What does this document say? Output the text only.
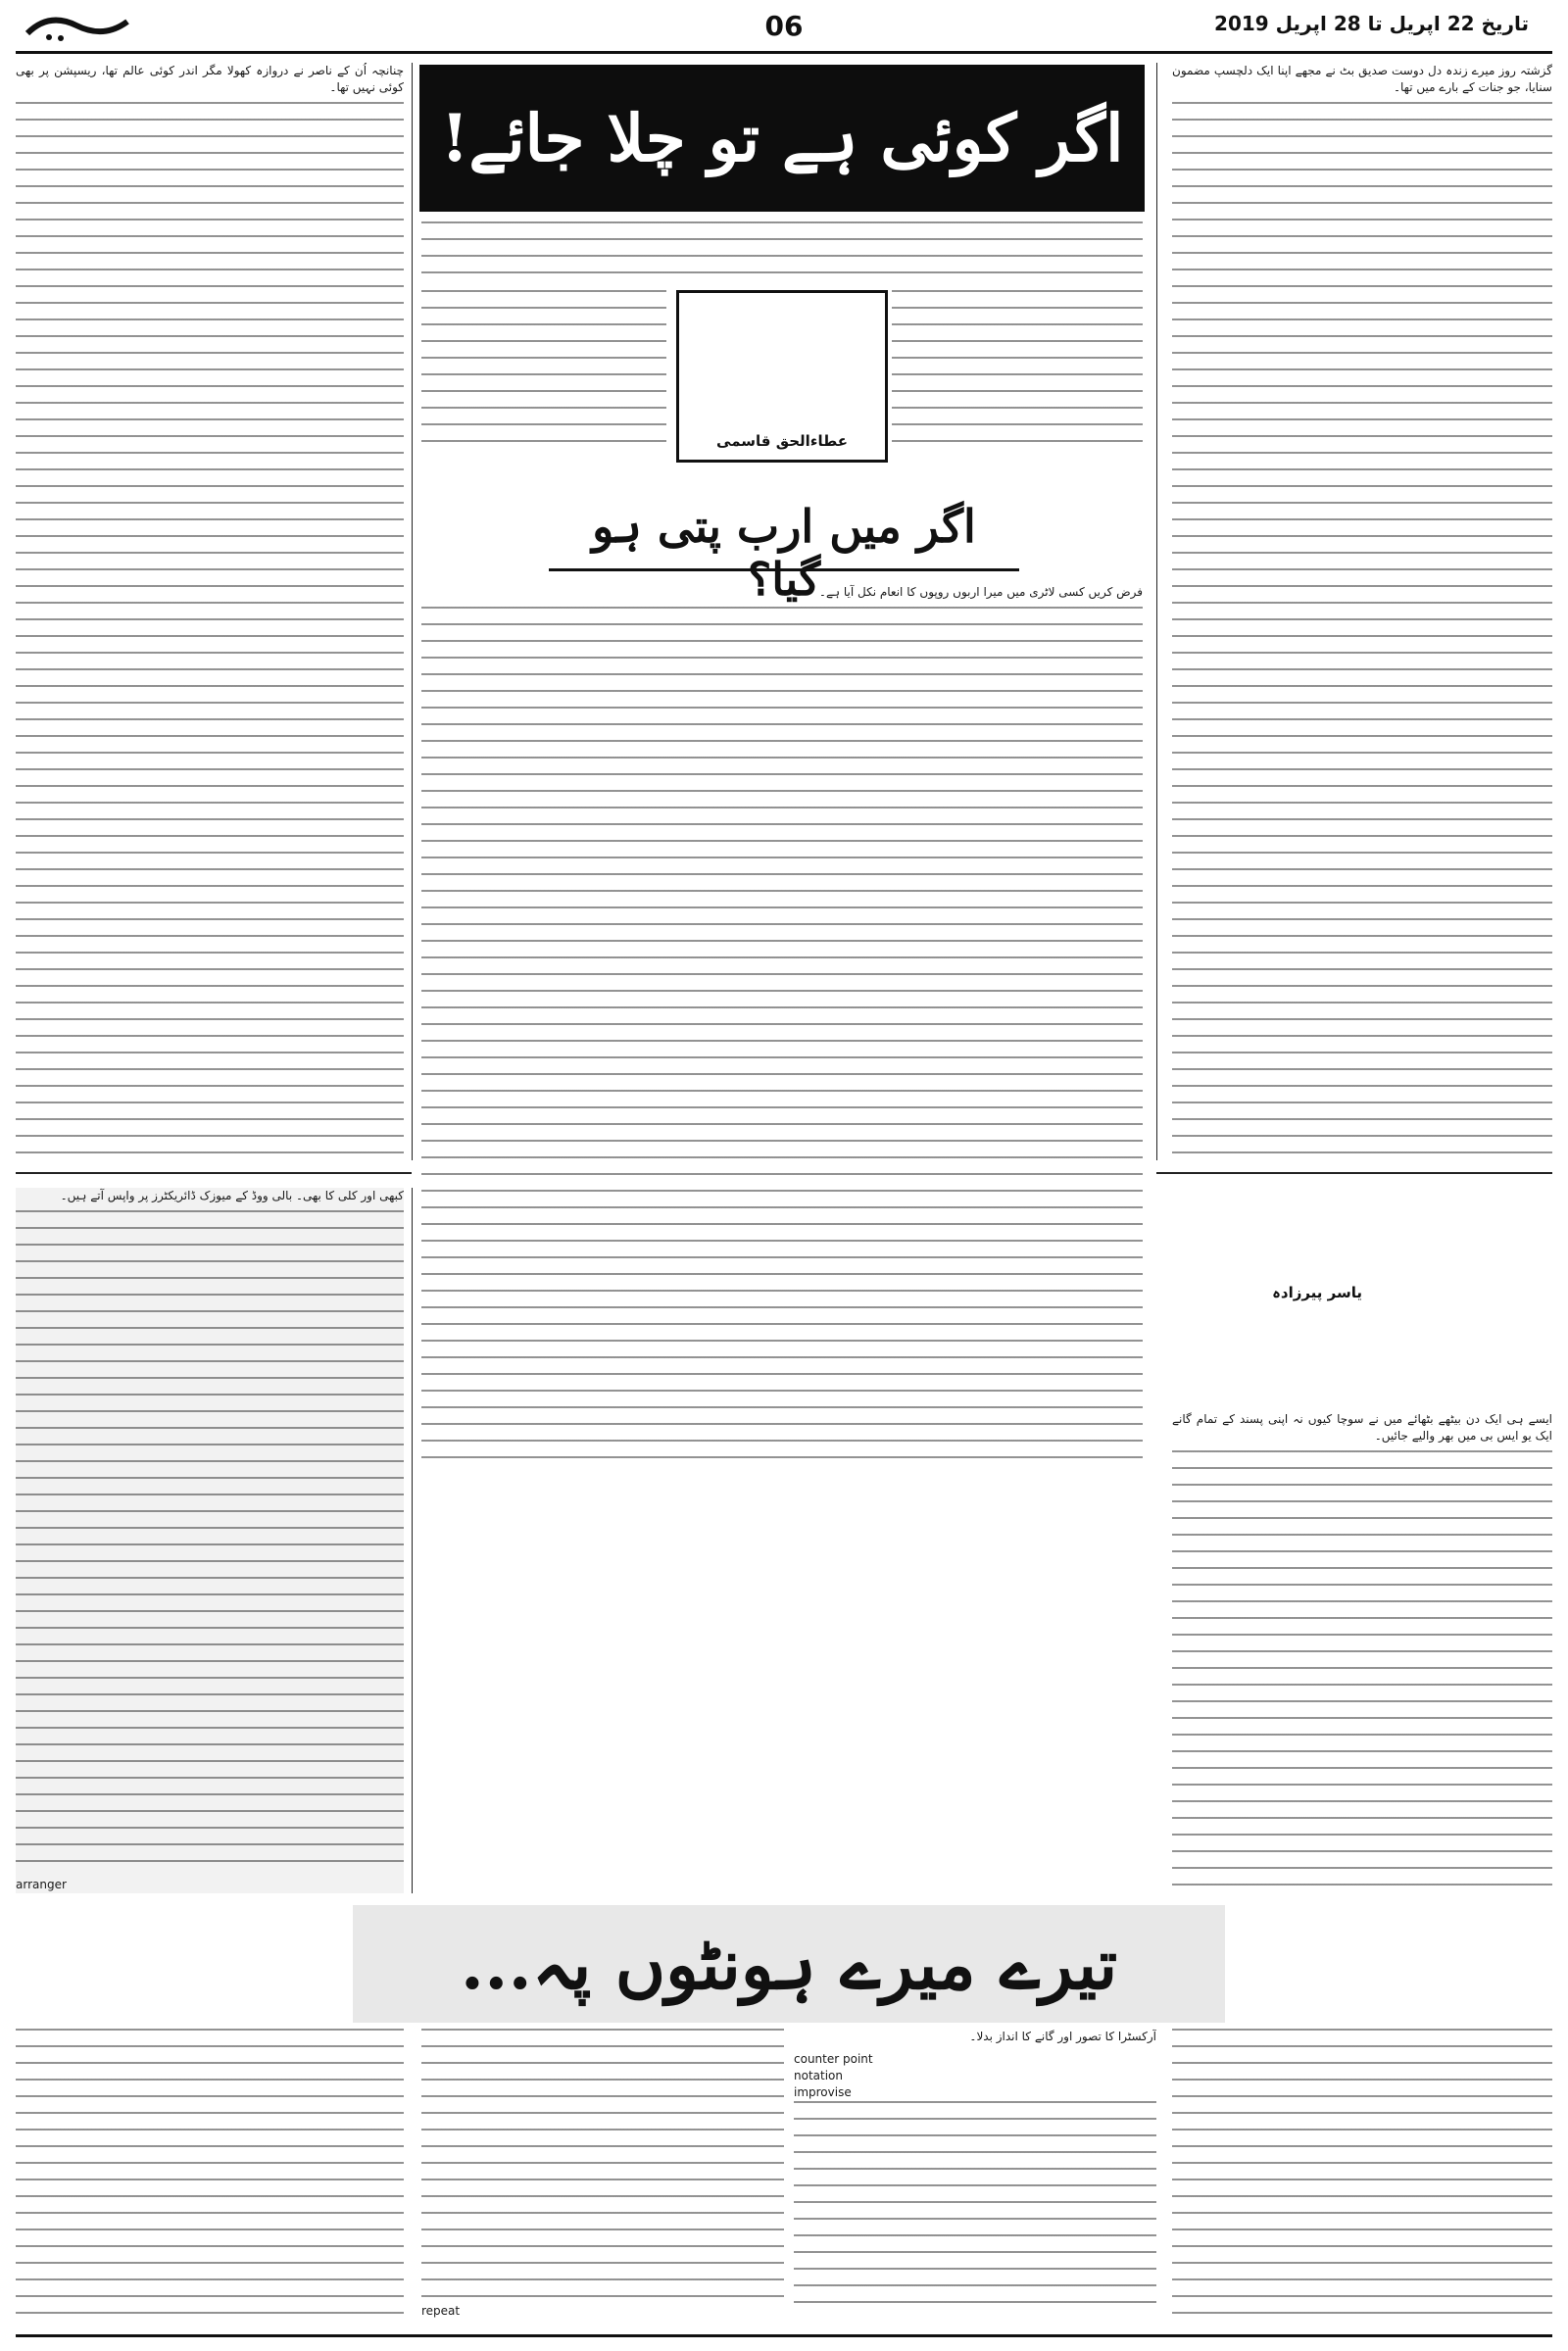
06	تاریخ 22 اپریل تا 28 اپریل 2019
اگر کوئی ہے تو چلا جائے!

گزشتہ روز میرے زندہ دل دوست صدیق بٹ نے مجھے اپنا ایک دلچسپ مضمون سنایا، جو جنات کے بارے میں تھا۔

چنانچہ اُن کے ناصر نے دروازہ کھولا مگر اندر کوئی عالم تھا، ریسپشن پر بھی کوئی نہیں تھا۔

عطاءالحق قاسمی
اگر میں ارب پتی ہو گیا؟

فرض کریں کسی لاٹری میں میرا اربوں روپوں کا انعام نکل آیا ہے۔

یاسر پیرزادہ

ایسے ہی ایک دن بیٹھے بٹھائے میں نے سوچا کیوں نہ اپنی پسند کے تمام گانے ایک یو ایس بی میں بھر والیے جائیں۔

کبھی اور کلی کا بھی۔ بالی ووڈ کے میوزک ڈائریکٹرز پر واپس آتے ہیں۔

arranger
تیرے میرے ہونٹوں پہ...

آرکسٹرا کا تصور اور گانے کا انداز بدلا۔

counter point
notation
improvise
repeat
